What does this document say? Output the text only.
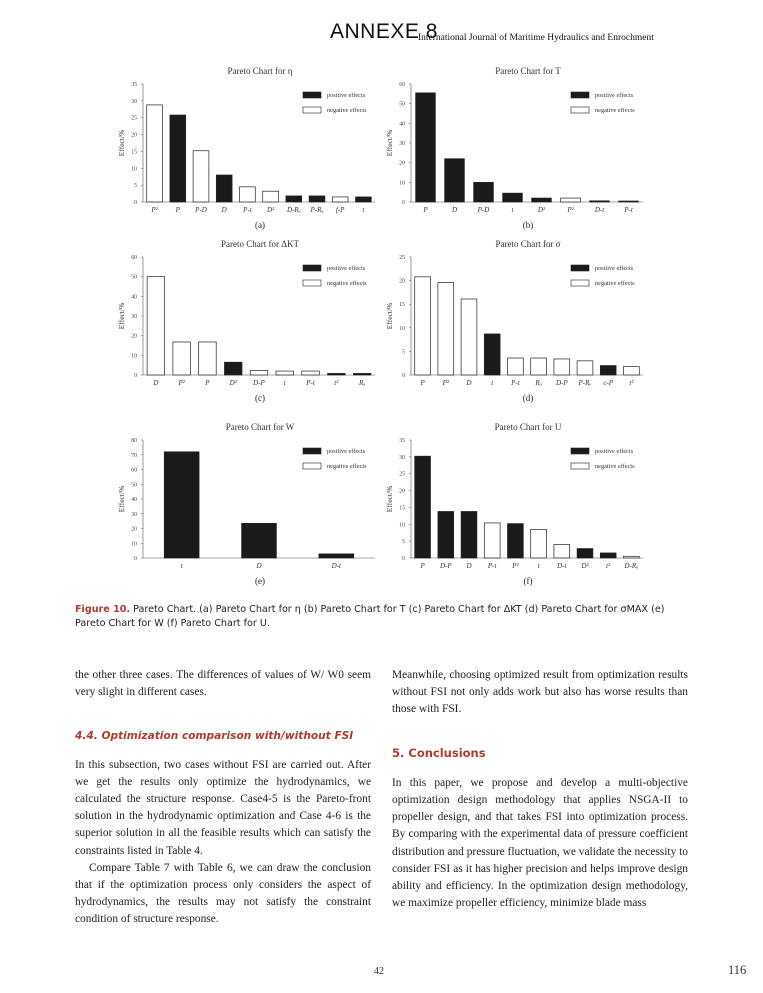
ANNEXE 8
International Journal of Maritime Hydraulics and Enrochment
Pareto Chart for η
Effect/%
0
5
10
15
20
25
30
35
P²	P P-D D P-t D² D-Rₐ P-Rₐ f-P	t
positive effects
negative effects
(a)
Pareto Chart for T
Effect/%
0
10
20
30
40
50
60
P	D	P-D	t	D²	P²	D-t	P-t
positive effects
negative effects
(b)
Pareto Chart for ΔKT
Effect/%
0
10
20
30
40
50
60
D	P²	P	D² D-P	t	P-t	t²	Rₐ
positive effects
negative effects
(c)
Pareto Chart for σ
Effect/%
0
5
10
15
20
25
P	P² D	t	P-t Rₐ D-P P-Rₐ c-P t²
positive effects
negative effects
(d)
Pareto Chart for W
Effect/%
0
10
20
30
40
50
60
70
80
t	D	D-t
positive effects
negative effects
(e)
Pareto Chart for U
Effect/%
0
5
10
15
20
25
30
35
P D-P D P-t P²	t	D-t D²	t² D-Rₐ
positive effects
negative effects
(f)
Figure 10. Pareto Chart. (a) Pareto Chart for η (b) Pareto Chart for T (c) Pareto Chart for ΔKT (d) Pareto Chart for σMAX (e) Pareto Chart for W (f) Pareto Chart for U.

the other three cases. The differences of values of W/ W0 seem very slight in different cases.

4.4. Optimization comparison with/without FSI

In this subsection, two cases without FSI are carried out. After we get the results only optimize the hydrodynamics, we calculated the structure response. Case4-5 is the Pareto-front solution in the hydrodynamic optimization and Case 4-6 is the superior solution in all the feasible results which can satisfy the constraints listed in Table 4.

Compare Table 7 with Table 6, we can draw the conclusion that if the optimization process only considers the aspect of hydrodynamics, the results may not satisfy the constraint condition of structure response.

Meanwhile, choosing optimized result from optimization results without FSI not only adds work but also has worse results than those with FSI.

5. Conclusions

In this paper, we propose and develop a multi-objective optimization design methodology that applies NSGA-II to propeller design, and that takes FSI into optimization process. By comparing with the experimental data of pressure coefficient distribution and pressure fluctuation, we validate the necessity to consider FSI as it has higher precision and helps improve design ability and efficiency. In the optimization design methodology, we maximize propeller efficiency, minimize blade mass

42	116
